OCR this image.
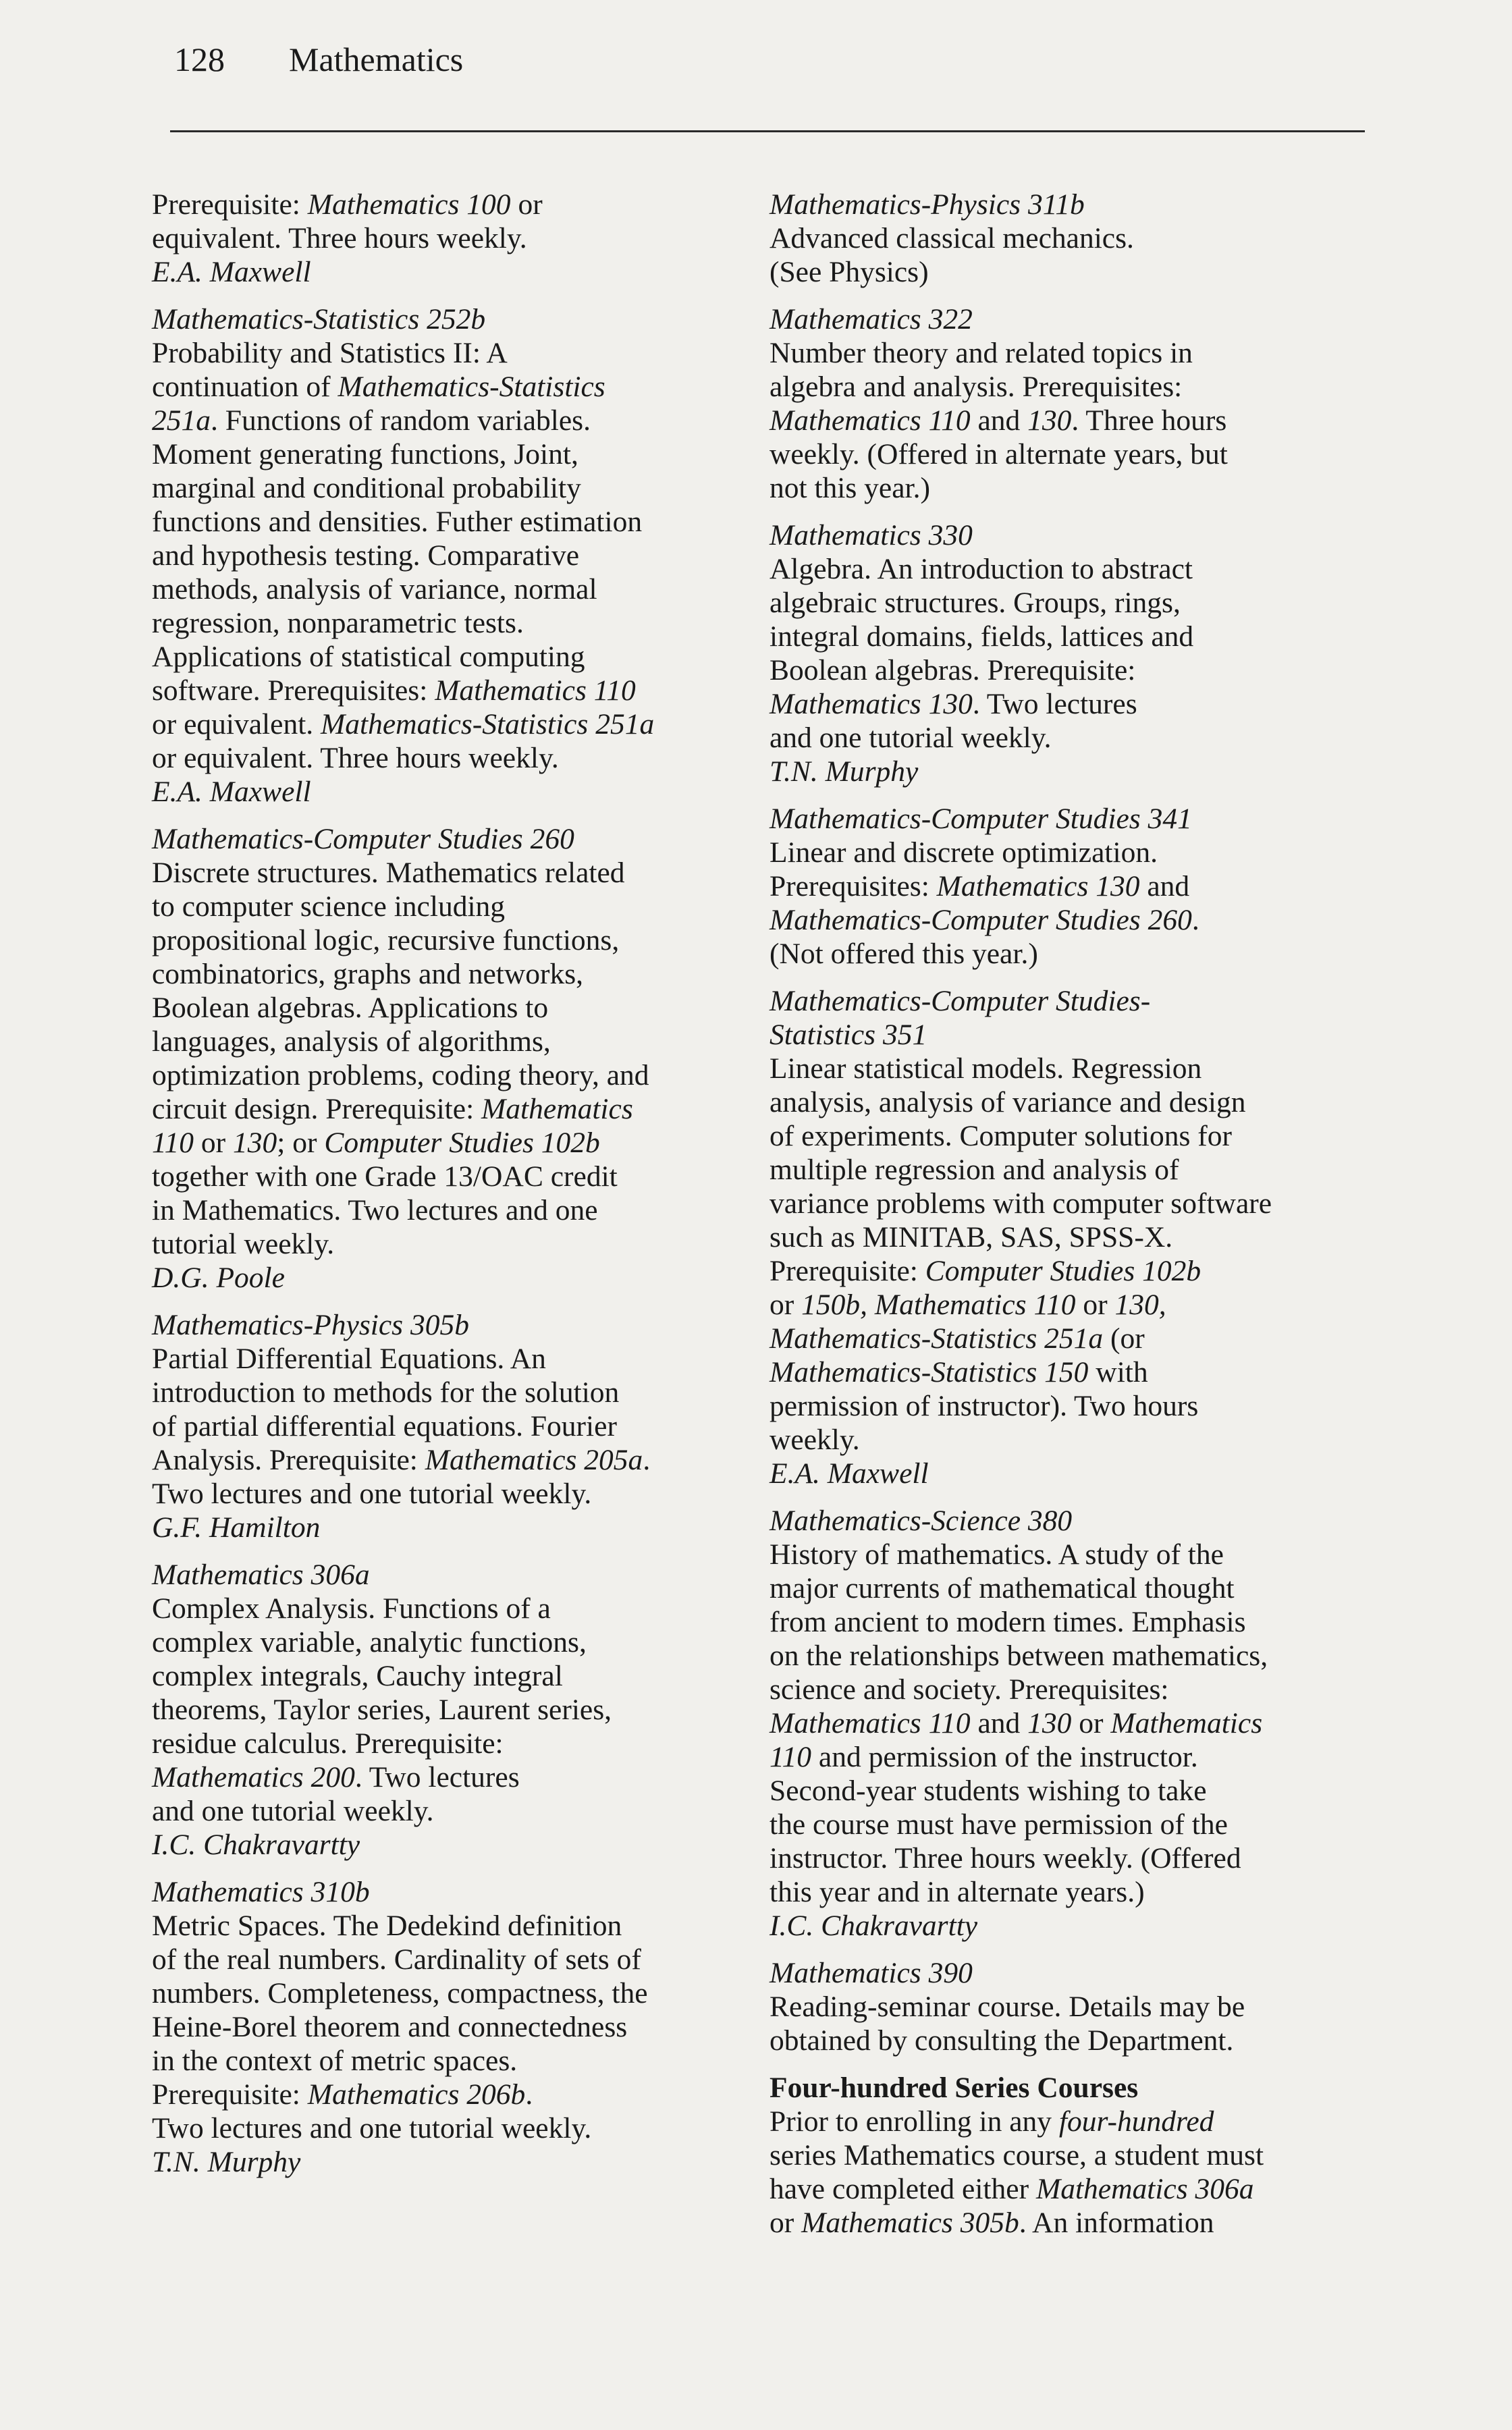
128 Mathematics
Prerequisite: Mathematics 100 or
equivalent. Three hours weekly.
E.A. Maxwell
Mathematics-Statistics 252b
Probability and Statistics II: A
continuation of Mathematics-Statistics
251a. Functions of random variables.
Moment generating functions, Joint,
marginal and conditional probability
functions and densities. Futher estimation
and hypothesis testing. Comparative
methods, analysis of variance, normal
regression, nonparametric tests.
Applications of statistical computing
software. Prerequisites: Mathematics 110
or equivalent. Mathematics-Statistics 251a
or equivalent. Three hours weekly.
E.A. Maxwell
Mathematics-Computer Studies 260
Discrete structures. Mathematics related
to computer science including
propositional logic, recursive functions,
combinatorics, graphs and networks,
Boolean algebras. Applications to
languages, analysis of algorithms,
optimization problems, coding theory, and
circuit design. Prerequisite: Mathematics
110 or 130; or Computer Studies 102b
together with one Grade 13/OAC credit
in Mathematics. Two lectures and one
tutorial weekly.
D.G. Poole
Mathematics-Physics 305b
Partial Differential Equations. An
introduction to methods for the solution
of partial differential equations. Fourier
Analysis. Prerequisite: Mathematics 205a.
Two lectures and one tutorial weekly.
G.F. Hamilton
Mathematics 306a
Complex Analysis. Functions of a
complex variable, analytic functions,
complex integrals, Cauchy integral
theorems, Taylor series, Laurent series,
residue calculus. Prerequisite:
Mathematics 200. Two lectures
and one tutorial weekly.
I.C. Chakravartty
Mathematics 310b
Metric Spaces. The Dedekind definition
of the real numbers. Cardinality of sets of
numbers. Completeness, compactness, the
Heine-Borel theorem and connectedness
in the context of metric spaces.
Prerequisite: Mathematics 206b.
Two lectures and one tutorial weekly.
T.N. Murphy
Mathematics-Physics 311b
Advanced classical mechanics.
(See Physics)
Mathematics 322
Number theory and related topics in
algebra and analysis. Prerequisites:
Mathematics 110 and 130. Three hours
weekly. (Offered in alternate years, but
not this year.)
Mathematics 330
Algebra. An introduction to abstract
algebraic structures. Groups, rings,
integral domains, fields, lattices and
Boolean algebras. Prerequisite:
Mathematics 130. Two lectures
and one tutorial weekly.
T.N. Murphy
Mathematics-Computer Studies 341
Linear and discrete optimization.
Prerequisites: Mathematics 130 and
Mathematics-Computer Studies 260.
(Not offered this year.)
Mathematics-Computer Studies-
Statistics 351
Linear statistical models. Regression
analysis, analysis of variance and design
of experiments. Computer solutions for
multiple regression and analysis of
variance problems with computer software
such as MINITAB, SAS, SPSS-X.
Prerequisite: Computer Studies 102b
or 150b, Mathematics 110 or 130,
Mathematics-Statistics 251a (or
Mathematics-Statistics 150 with
permission of instructor). Two hours
weekly.
E.A. Maxwell
Mathematics-Science 380
History of mathematics. A study of the
major currents of mathematical thought
from ancient to modern times. Emphasis
on the relationships between mathematics,
science and society. Prerequisites:
Mathematics 110 and 130 or Mathematics
110 and permission of the instructor.
Second-year students wishing to take
the course must have permission of the
instructor. Three hours weekly. (Offered
this year and in alternate years.)
I.C. Chakravartty
Mathematics 390
Reading-seminar course. Details may be
obtained by consulting the Department.
Four-hundred Series Courses
Prior to enrolling in any four-hundred
series Mathematics course, a student must
have completed either Mathematics 306a
or Mathematics 305b. An information
